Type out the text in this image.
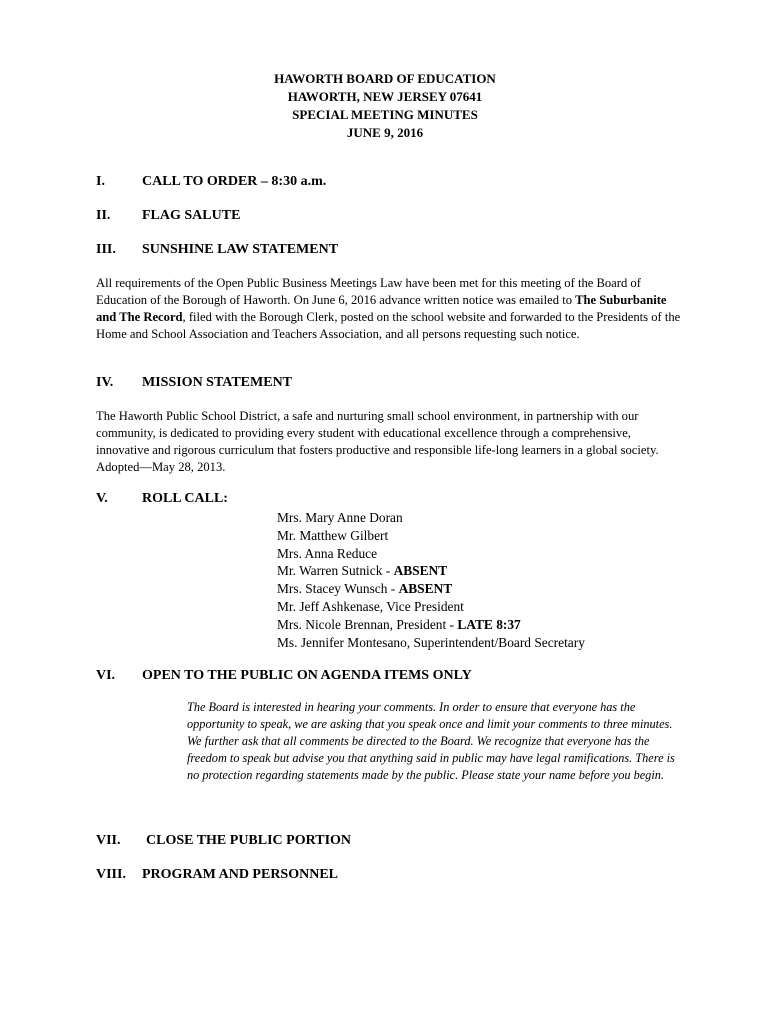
HAWORTH BOARD OF EDUCATION
HAWORTH, NEW JERSEY 07641
SPECIAL MEETING MINUTES
JUNE 9, 2016
I.	CALL TO ORDER – 8:30 a.m.
II. FLAG SALUTE
III. SUNSHINE LAW STATEMENT

All requirements of the Open Public Business Meetings Law have been met for this meeting of the Board of Education of the Borough of Haworth. On June 6, 2016 advance written notice was emailed to The Suburbanite and The Record, filed with the Borough Clerk, posted on the school website and forwarded to the Presidents of the Home and School Association and Teachers Association, and all persons requesting such notice.

IV. MISSION STATEMENT

The Haworth Public School District, a safe and nurturing small school environment, in partnership with our community, is dedicated to providing every student with educational excellence through a comprehensive, innovative and rigorous curriculum that fosters productive and responsible life-long learners in a global society. Adopted—May 28, 2013.

V. ROLL CALL:
Mrs. Mary Anne Doran
Mr. Matthew Gilbert
Mrs. Anna Reduce
Mr. Warren Sutnick - ABSENT
Mrs. Stacey Wunsch - ABSENT
Mr. Jeff Ashkenase, Vice President
Mrs. Nicole Brennan, President - LATE 8:37
Ms. Jennifer Montesano, Superintendent/Board Secretary
VI. OPEN TO THE PUBLIC ON AGENDA ITEMS ONLY

The Board is interested in hearing your comments. In order to ensure that everyone has the opportunity to speak, we are asking that you speak once and limit your comments to three minutes. We further ask that all comments be directed to the Board. We recognize that everyone has the freedom to speak but advise you that anything said in public may have legal ramifications. There is no protection regarding statements made by the public. Please state your name before you begin.

VII. CLOSE THE PUBLIC PORTION
VIII. PROGRAM AND PERSONNEL
